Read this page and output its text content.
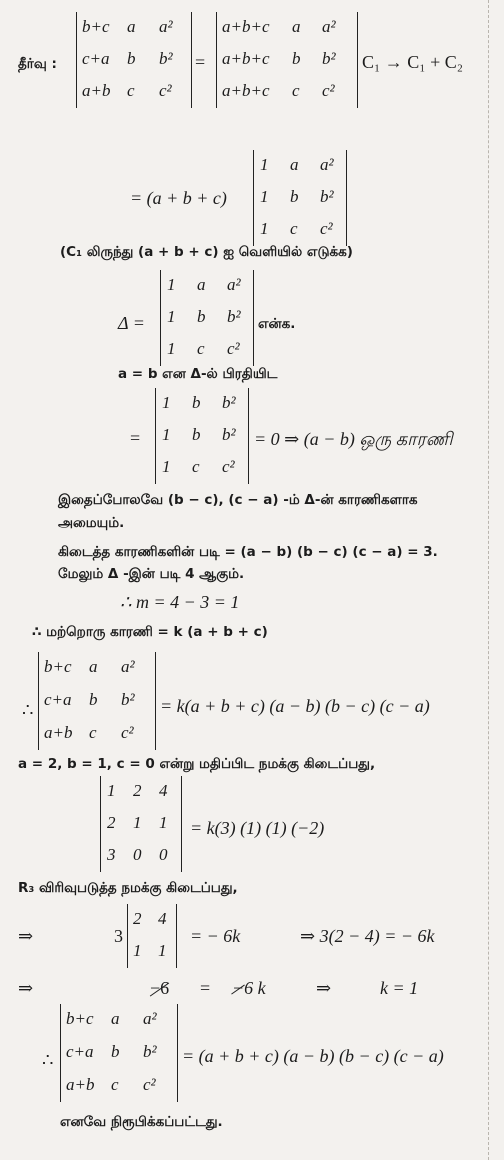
தீர்வு :
b+c a a²
c+a b b²
a+b c c²
=
a+b+c a a²
a+b+c b b²
a+b+c c c²
C₁ → C₁ + C₂
= (a + b + c)
1 a a²
1 b b²
1 c c²
(C₁ லிருந்து (a + b + c) ஐ வெளியில் எடுக்க)
Δ =
1 a a²
1 b b²
1 c c²
என்க.
a = b என Δ-ல் பிரதியிட
=
1 b b²
1 b b²
1 c c²
= 0 ⇒ (a − b) ஒரு காரணி
இதைப்போலவே (b − c), (c − a) -ம் Δ-ன் காரணிகளாக
அமையும்.
கிடைத்த காரணிகளின் படி = (a − b) (b − c) (c − a) = 3.
மேலும் Δ -இன் படி 4 ஆகும்.
∴ m = 4 − 3 = 1
∴ மற்றொரு காரணி = k (a + b + c)
∴
b+c a a²
c+a b b²
a+b c c²
= k(a + b + c) (a − b) (b − c) (c − a)
a = 2, b = 1, c = 0 என்று மதிப்பிட நமக்கு கிடைப்பது,
1 2 4
2 1 1
3 0 0
= k(3) (1) (1) (−2)
R₃ விரிவுபடுத்த நமக்கு கிடைப்பது,
⇒	3
2 4
1 1
= − 6k	⇒ 3(2 − 4) = − 6k
⇒	−6 = −6 k	⇒	k = 1
∴
b+c a a²
c+a b b²
a+b c c²
= (a + b + c) (a − b) (b − c) (c − a)
எனவே நிரூபிக்கப்பட்டது.
